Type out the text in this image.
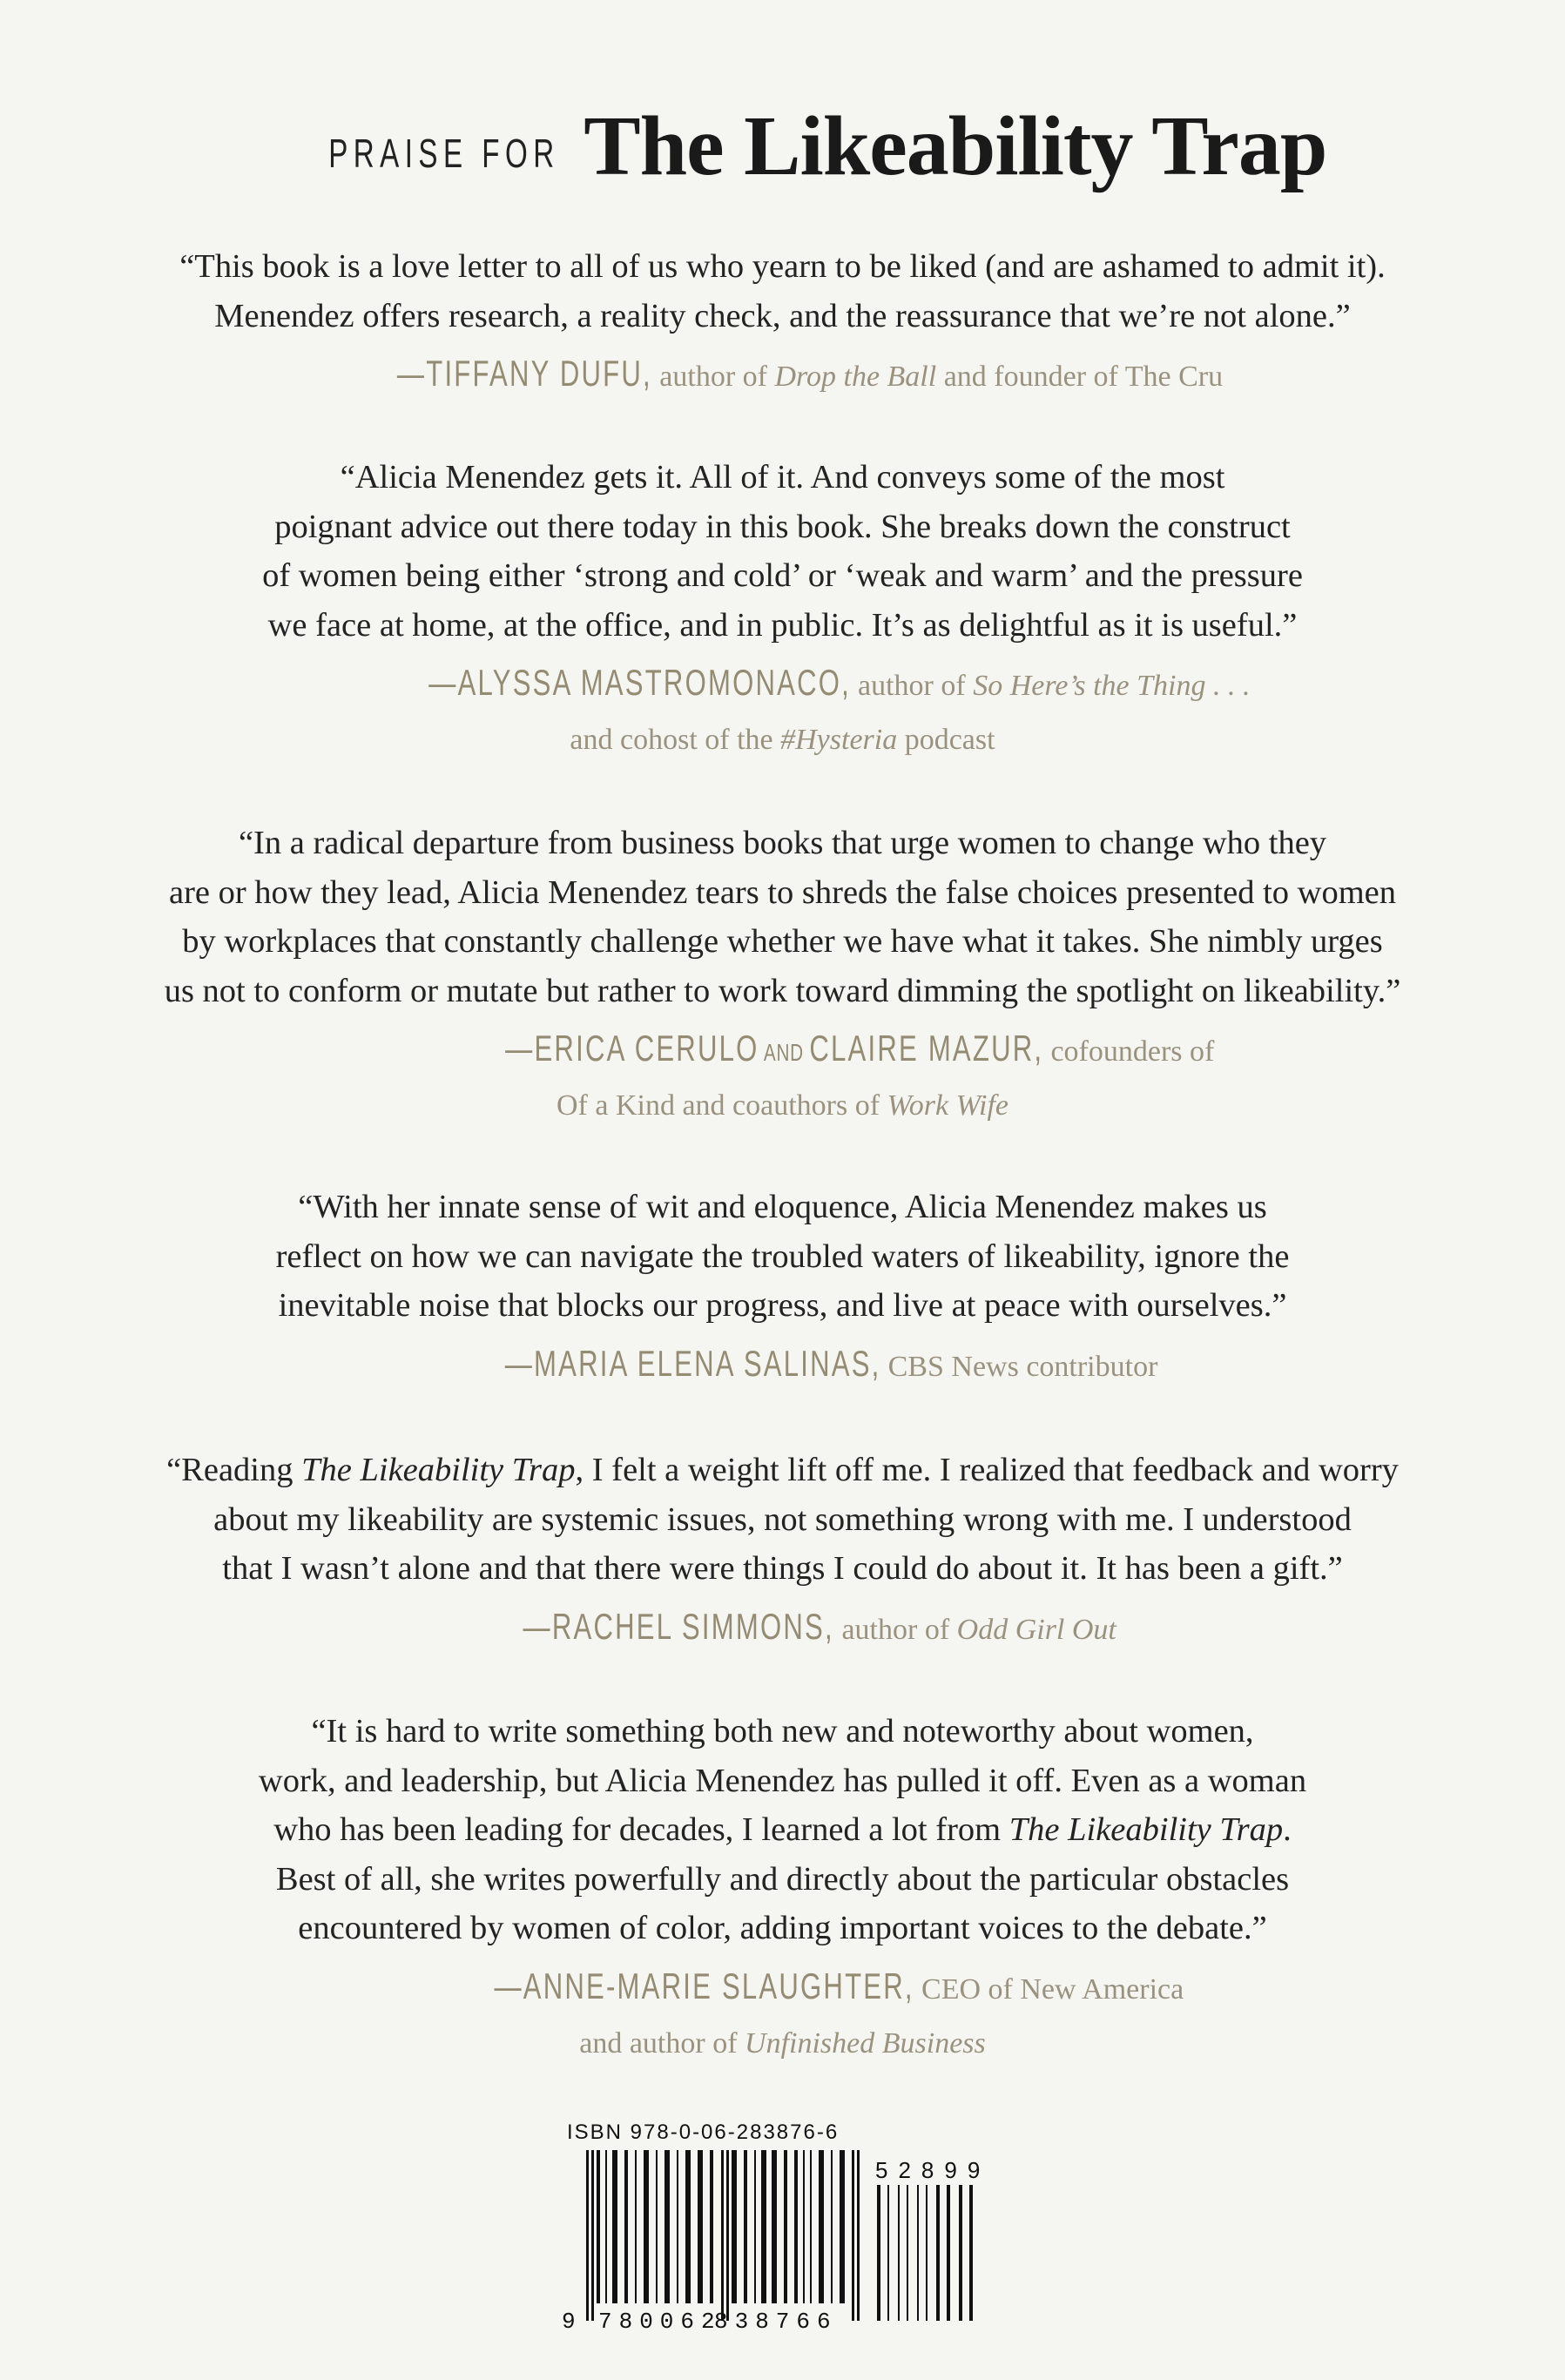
PRAISE FOR The Likeability Trap

“This book is a love letter to all of us who yearn to be liked (and are ashamed to admit it).
Menendez offers research, a reality check, and the reassurance that we’re not alone.”

—TIFFANY DUFU, author of Drop the Ball and founder of The Cru

“Alicia Menendez gets it. All of it. And conveys some of the most
poignant advice out there today in this book. She breaks down the construct
of women being either ‘strong and cold’ or ‘weak and warm’ and the pressure
we face at home, at the office, and in public. It’s as delightful as it is useful.”

—ALYSSA MASTROMONACO, author of So Here’s the Thing . . .
and cohost of the #Hysteria podcast

“In a radical departure from business books that urge women to change who they
are or how they lead, Alicia Menendez tears to shreds the false choices presented to women
by workplaces that constantly challenge whether we have what it takes. She nimbly urges
us not to conform or mutate but rather to work toward dimming the spotlight on likeability.”

—ERICA CERULO AND CLAIRE MAZUR, cofounders of
Of a Kind and coauthors of Work Wife

“With her innate sense of wit and eloquence, Alicia Menendez makes us
reflect on how we can navigate the troubled waters of likeability, ignore the
inevitable noise that blocks our progress, and live at peace with ourselves.”

—MARIA ELENA SALINAS, CBS News contributor

“Reading The Likeability Trap, I felt a weight lift off me. I realized that feedback and worry
about my likeability are systemic issues, not something wrong with me. I understood
that I wasn’t alone and that there were things I could do about it. It has been a gift.”

—RACHEL SIMMONS, author of Odd Girl Out

“It is hard to write something both new and noteworthy about women,
work, and leadership, but Alicia Menendez has pulled it off. Even as a woman
who has been leading for decades, I learned a lot from The Likeability Trap.
Best of all, she writes powerfully and directly about the particular obstacles
encountered by women of color, adding important voices to the debate.”

—ANNE-MARIE SLAUGHTER, CEO of New America
and author of Unfinished Business

ISBN 978-0-06-283876-6
52899
9	780062
838766
